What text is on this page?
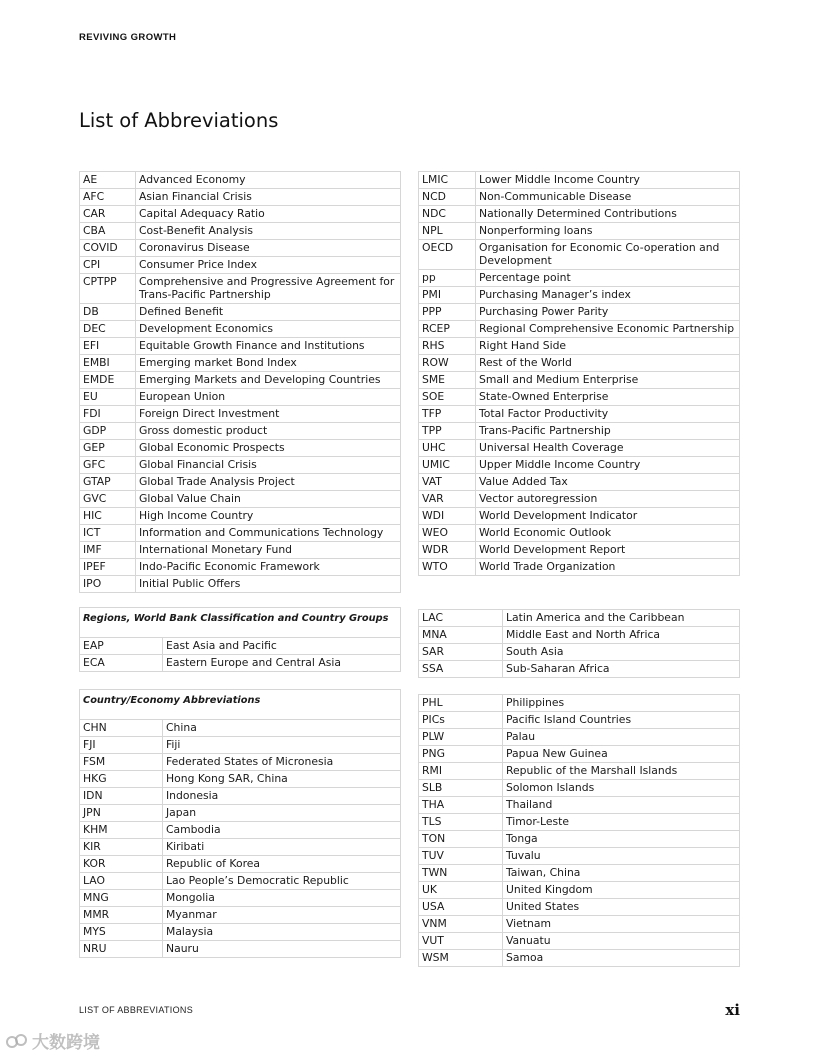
REVIVING GROWTH
List of Abbreviations
AE	Advanced Economy
AFC	Asian Financial Crisis
CAR	Capital Adequacy Ratio
CBA	Cost-Benefit Analysis
COVID	Coronavirus Disease
CPI	Consumer Price Index
CPTPP	Comprehensive and Progressive Agreement for Trans-Pacific Partnership
DB	Defined Benefit
DEC	Development Economics
EFI	Equitable Growth Finance and Institutions
EMBI	Emerging market Bond Index
EMDE	Emerging Markets and Developing Countries
EU	European Union
FDI	Foreign Direct Investment
GDP	Gross domestic product
GEP	Global Economic Prospects
GFC	Global Financial Crisis
GTAP	Global Trade Analysis Project
GVC	Global Value Chain
HIC	High Income Country
ICT	Information and Communications Technology
IMF	International Monetary Fund
IPEF	Indo-Pacific Economic Framework
IPO	Initial Public Offers
LMIC	Lower Middle Income Country
NCD	Non-Communicable Disease
NDC	Nationally Determined Contributions
NPL	Nonperforming loans
OECD	Organisation for Economic Co-operation and Development
pp	Percentage point
PMI	Purchasing Manager’s index
PPP	Purchasing Power Parity
RCEP	Regional Comprehensive Economic Partnership
RHS	Right Hand Side
ROW	Rest of the World
SME	Small and Medium Enterprise
SOE	State-Owned Enterprise
TFP	Total Factor Productivity
TPP	Trans-Pacific Partnership
UHC	Universal Health Coverage
UMIC	Upper Middle Income Country
VAT	Value Added Tax
VAR	Vector autoregression
WDI	World Development Indicator
WEO	World Economic Outlook
WDR	World Development Report
WTO	World Trade Organization
Regions, World Bank Classification and Country Groups	
EAP	East Asia and Pacific
ECA	Eastern Europe and Central Asia
LAC	Latin America and the Caribbean
MNA	Middle East and North Africa
SAR	South Asia
SSA	Sub-Saharan Africa
Country/Economy Abbreviations	
CHN	China
FJI	Fiji
FSM	Federated States of Micronesia
HKG	Hong Kong SAR, China
IDN	Indonesia
JPN	Japan
KHM	Cambodia
KIR	Kiribati
KOR	Republic of Korea
LAO	Lao People’s Democratic Republic
MNG	Mongolia
MMR	Myanmar
MYS	Malaysia
NRU	Nauru
PHL	Philippines
PICs	Pacific Island Countries
PLW	Palau
PNG	Papua New Guinea
RMI	Republic of the Marshall Islands
SLB	Solomon Islands
THA	Thailand
TLS	Timor-Leste
TON	Tonga
TUV	Tuvalu
TWN	Taiwan, China
UK	United Kingdom
USA	United States
VNM	Vietnam
VUT	Vanuatu
WSM	Samoa
LIST OF ABBREVIATIONS	xi
大数跨境
